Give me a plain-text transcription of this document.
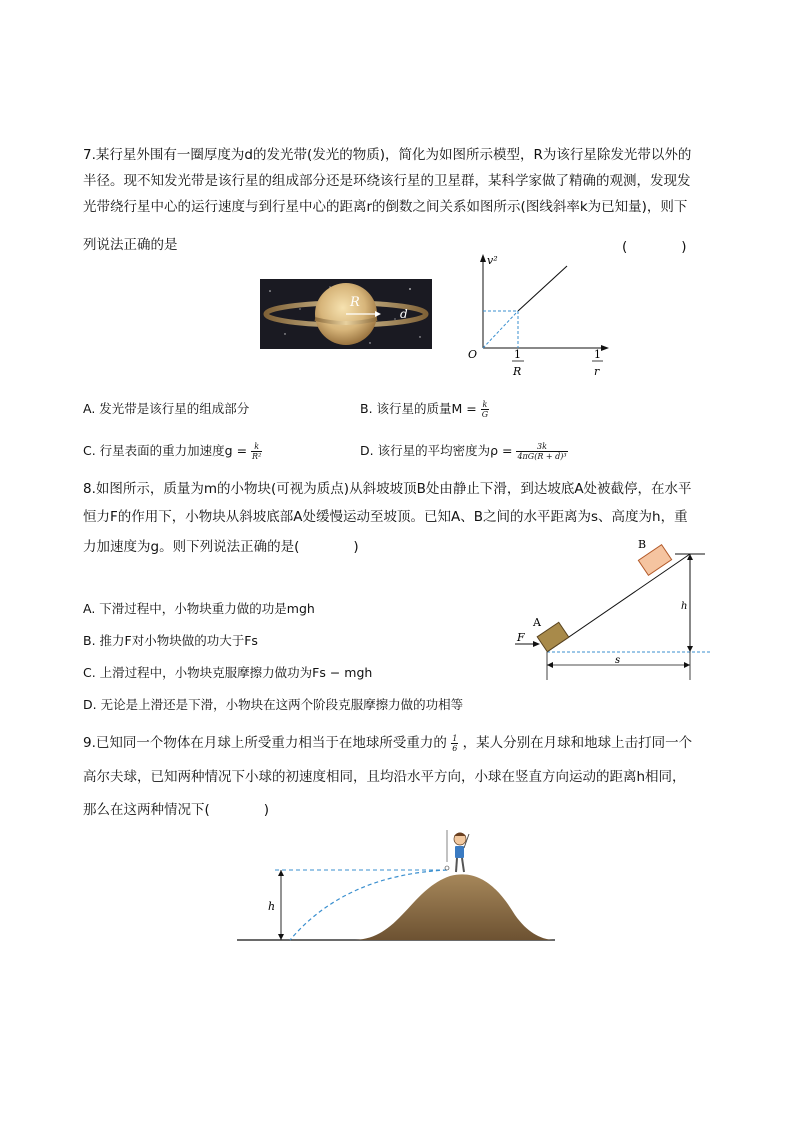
7.某行星外围有一圈厚度为d的发光带(发光的物质)，简化为如图所示模型，R为该行星除发光带以外的
半径。现不知发光带是该行星的组成部分还是环绕该行星的卫星群，某科学家做了精确的观测，发现发
光带绕行星中心的运行速度与到行星中心的距离r的倒数之间关系如图所示(图线斜率k为已知量)，则下
列说法正确的是	(　　　　)
R
d
v²
O	1
R
1
r
A. 发光带是该行星的组成部分	B. 该行星的质量$M = \frac{k}{G}$
C. 行星表面的重力加速度$g = \frac{k}{\text{R²}}$	D. 该行星的平均密度为$\rho = \frac{3k}{\text{4πG(R + d)³}}$
8.如图所示，质量为m的小物块(可视为质点)从斜坡坡顶B处由静止下滑，到达坡底A处被截停，在水平
恒力F的作用下，小物块从斜坡底部A处缓慢运动至坡顶。已知A、B之间的水平距离为s、高度为h，重
力加速度为g。则下列说法正确的是(　　　　)
A. 下滑过程中，小物块重力做的功是mgh
B. 推力F对小物块做的功大于Fs
C. 上滑过程中，小物块克服摩擦力做功为Fs − mgh
D. 无论是上滑还是下滑，小物块在这两个阶段克服摩擦力做的功相等
h
s
B
A
F
9.已知同一个物体在月球上所受重力相当于在地球所受重力的 $\frac{1}{6}$ ，某人分别在月球和地球上击打同一个
高尔夫球，已知两种情况下小球的初速度相同，且均沿水平方向，小球在竖直方向运动的距离h相同，
那么在这两种情况下(　　　　)
h
